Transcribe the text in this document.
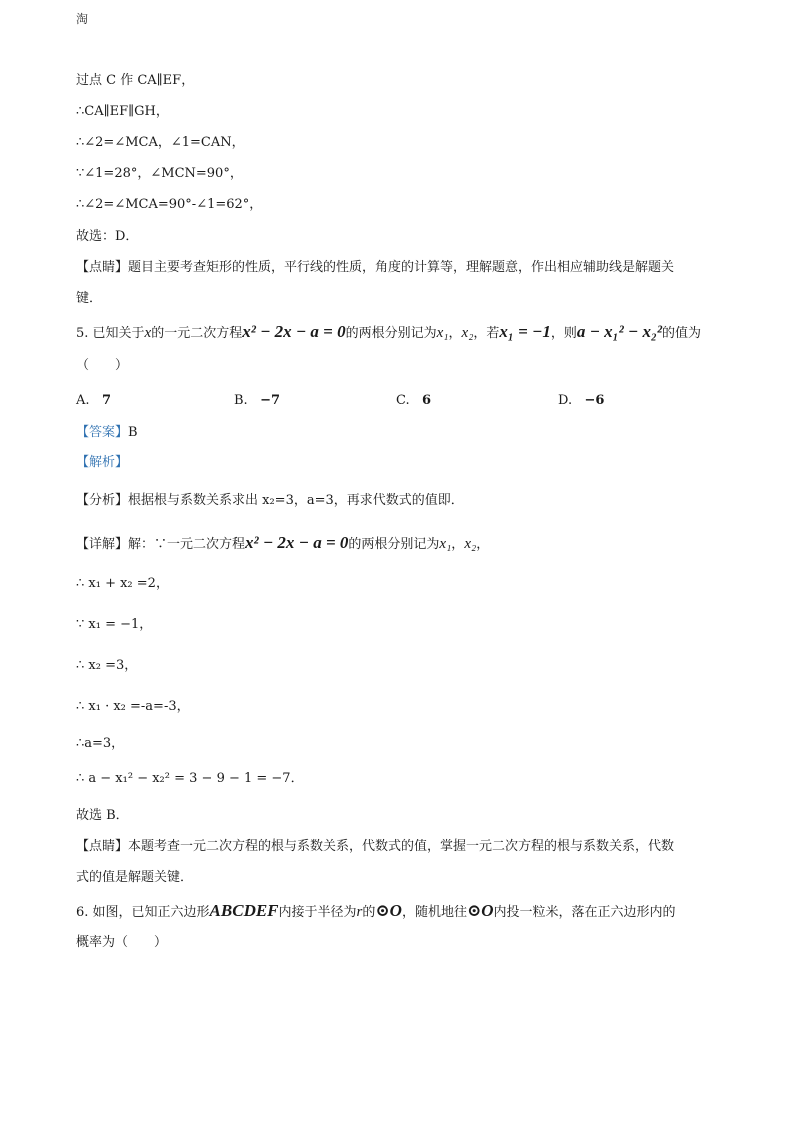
淘
过点 C 作 CA∥EF，
∴CA∥EF∥GH，
∴∠2=∠MCA，∠1=CAN，
∵∠1=28°，∠MCN=90°，
∴∠2=∠MCA=90°-∠1=62°，
故选：D．
【点睛】题目主要考查矩形的性质，平行线的性质，角度的计算等，理解题意，作出相应辅助线是解题关
键．
5. 已知关于x的一元二次方程x² − 2x − a = 0的两根分别记为x₁，x₂，若x₁ = −1，则a − x₁² − x₂²的值为
（　　）
A. 7	B. −7	C. 6	D. −6
【答案】B
【解析】
【分析】根据根与系数关系求出 x₂=3，a=3，再求代数式的值即．
【详解】解：∵一元二次方程x² − 2x − a = 0的两根分别记为x₁，x₂，
∴ x₁ + x₂ =2，
∵ x₁ = −1，
∴ x₂ =3，
∴ x₁ · x₂ =-a=-3，
∴a=3，
∴ a − x₁² − x₂² = 3 − 9 − 1 = −7．
故选 B．
【点睛】本题考查一元二次方程的根与系数关系，代数式的值，掌握一元二次方程的根与系数关系，代数
式的值是解题关键．
6. 如图，已知正六边形ABCDEF内接于半径为r的⊙O，随机地往⊙O内投一粒米，落在正六边形内的
概率为（　　）
